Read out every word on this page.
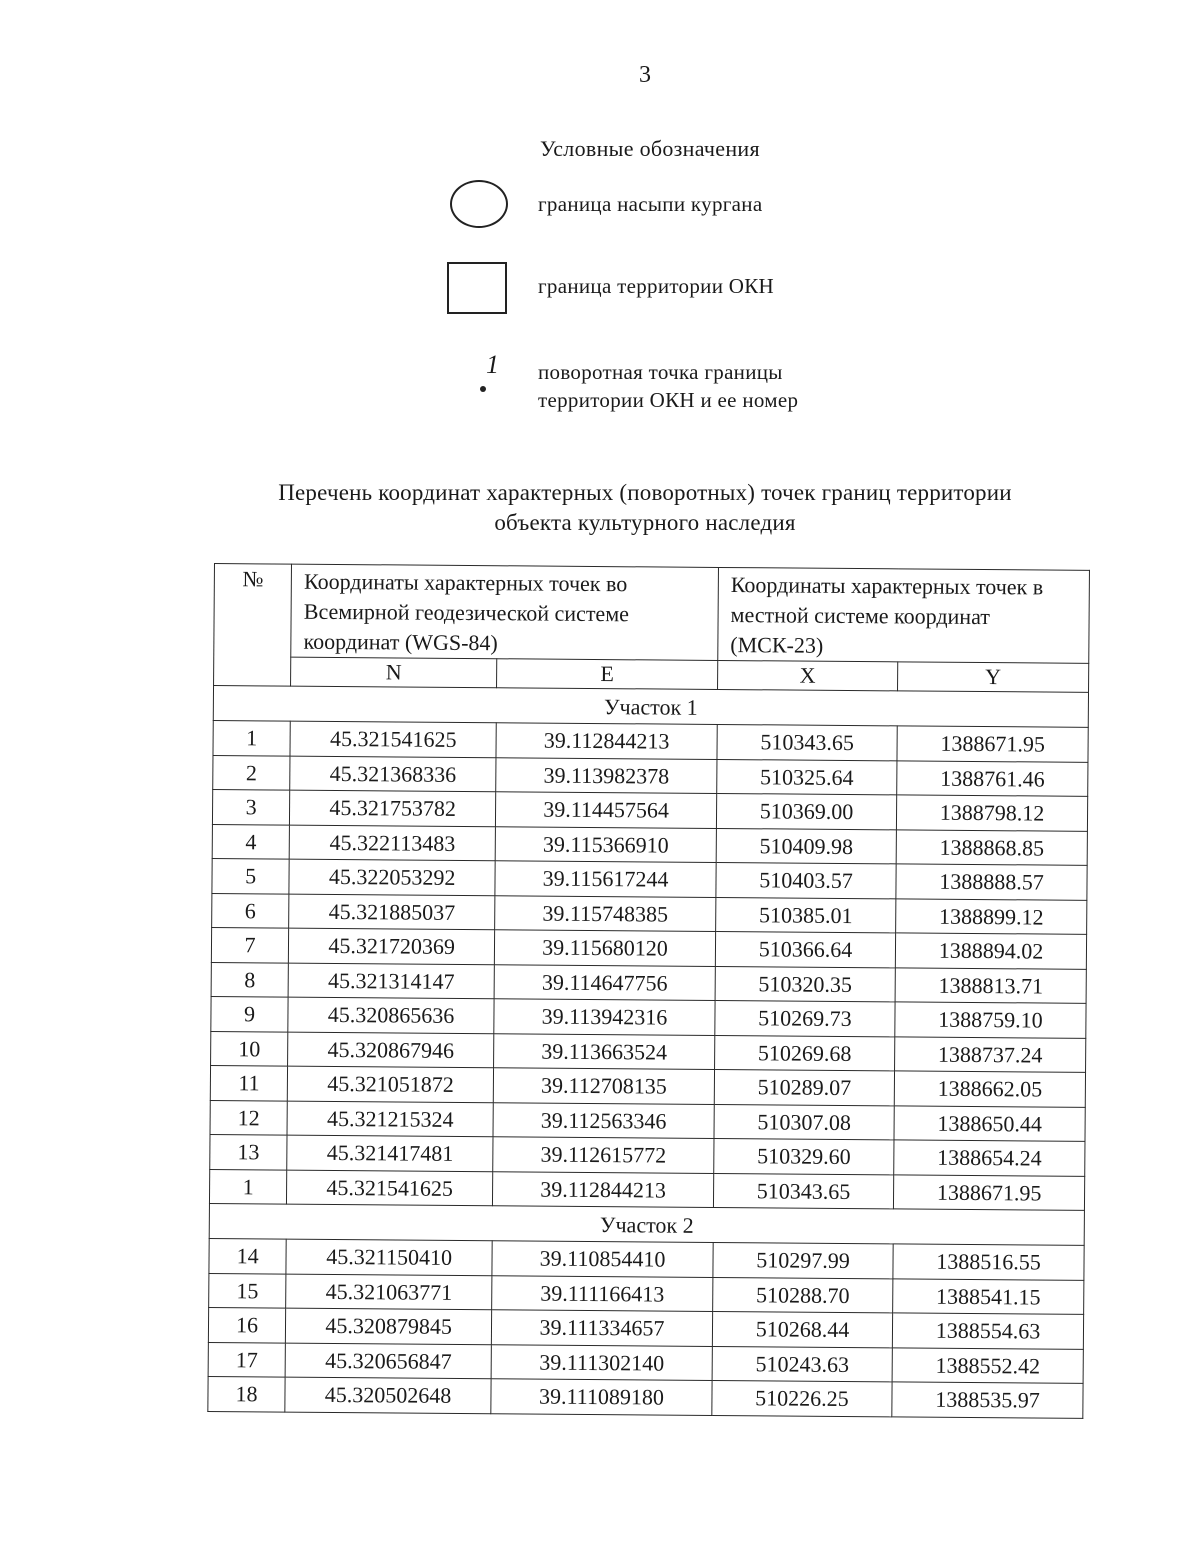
3
Условные обозначения
граница насыпи кургана
граница территории ОКН
1 поворотная точка границы
территории ОКН и ее номер
Перечень координат характерных (поворотных) точек границ территории
объекта культурного наследия
№	Координаты характерных точек во Всемирной геодезической системе координат (WGS-84)		Координаты характерных точек в местной системе координат (МСК-23)	
	N	E	X	Y
Участок 1				
1	45.321541625	39.112844213	510343.65	1388671.95
2	45.321368336	39.113982378	510325.64	1388761.46
3	45.321753782	39.114457564	510369.00	1388798.12
4	45.322113483	39.115366910	510409.98	1388868.85
5	45.322053292	39.115617244	510403.57	1388888.57
6	45.321885037	39.115748385	510385.01	1388899.12
7	45.321720369	39.115680120	510366.64	1388894.02
8	45.321314147	39.114647756	510320.35	1388813.71
9	45.320865636	39.113942316	510269.73	1388759.10
10	45.320867946	39.113663524	510269.68	1388737.24
11	45.321051872	39.112708135	510289.07	1388662.05
12	45.321215324	39.112563346	510307.08	1388650.44
13	45.321417481	39.112615772	510329.60	1388654.24
1	45.321541625	39.112844213	510343.65	1388671.95
Участок 2				
14	45.321150410	39.110854410	510297.99	1388516.55
15	45.321063771	39.111166413	510288.70	1388541.15
16	45.320879845	39.111334657	510268.44	1388554.63
17	45.320656847	39.111302140	510243.63	1388552.42
18	45.320502648	39.111089180	510226.25	1388535.97
